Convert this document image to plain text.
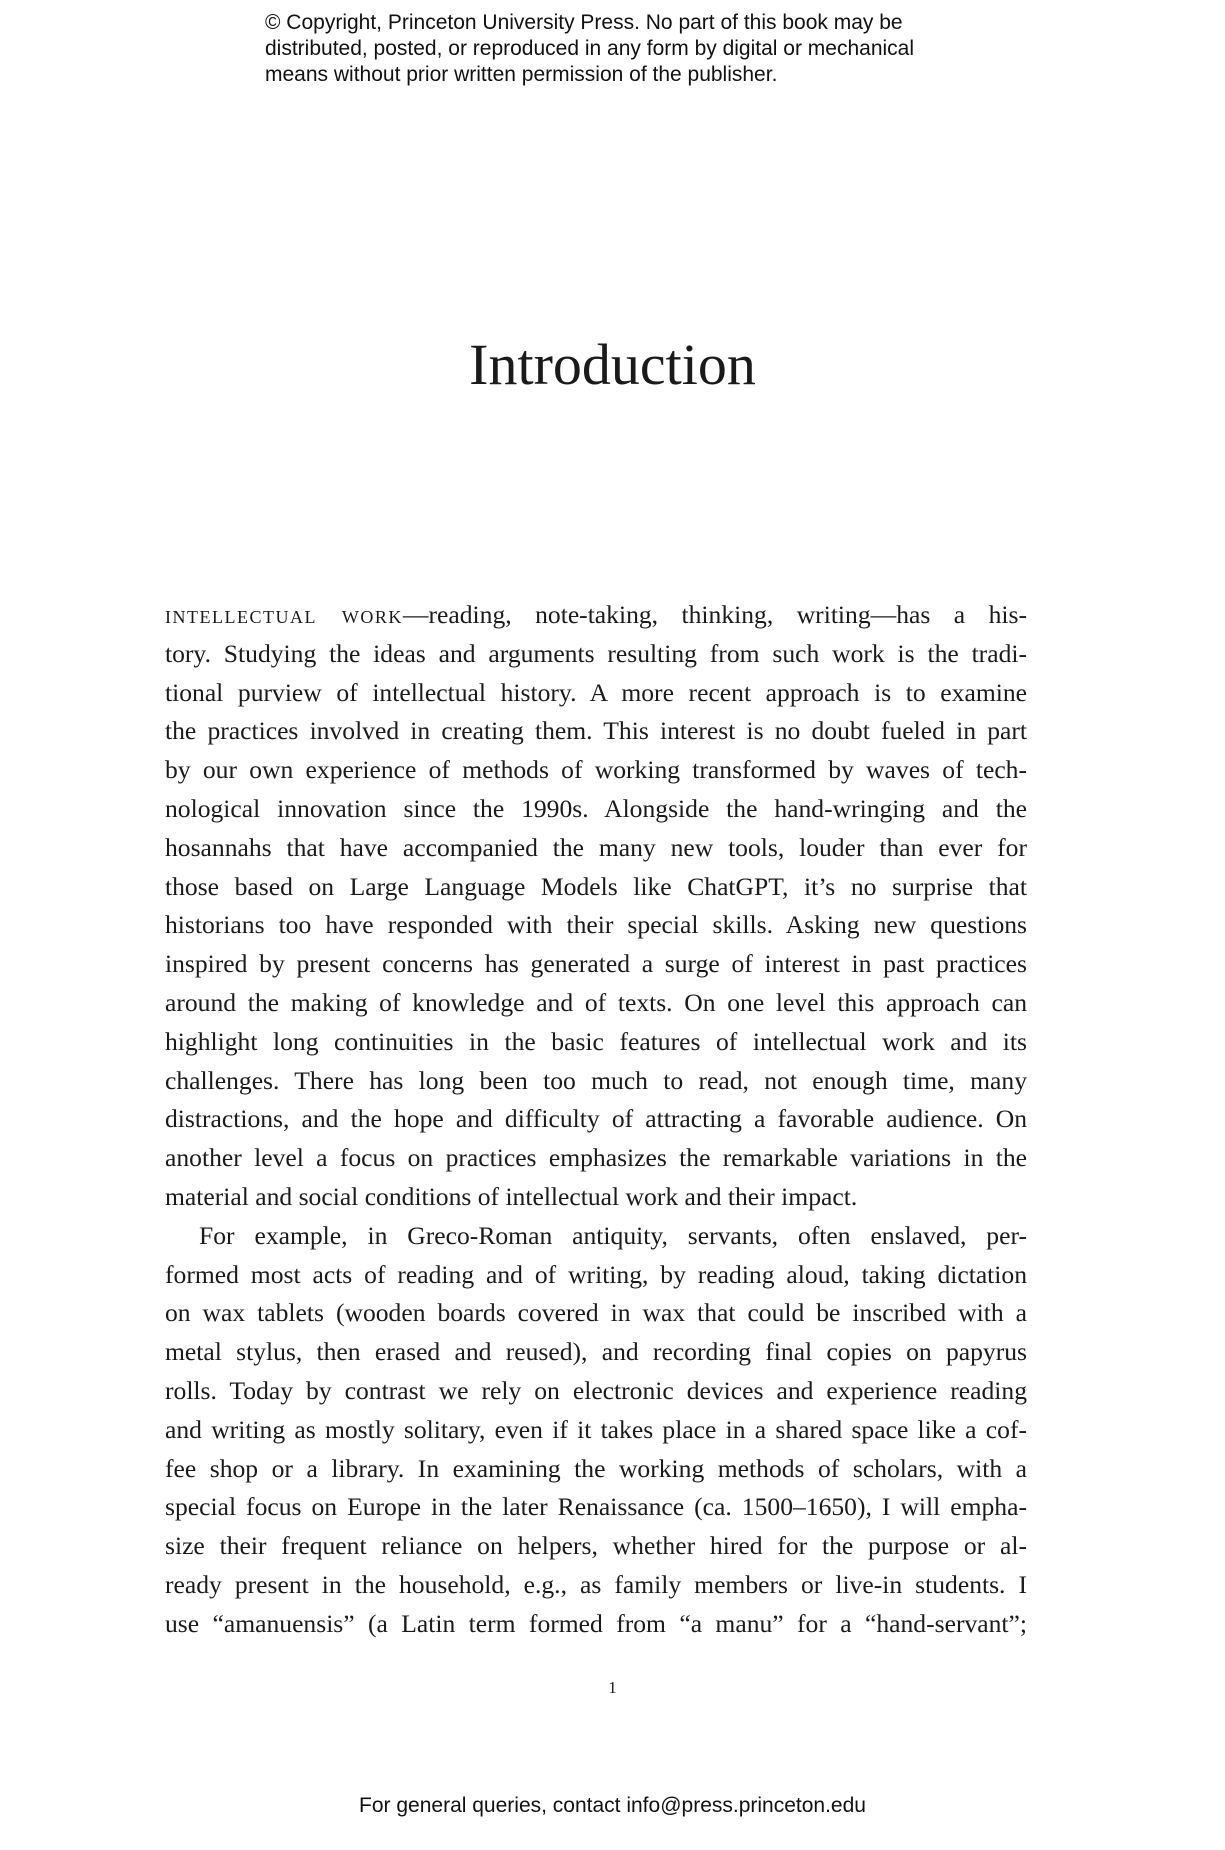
© Copyright, Princeton University Press. No part of this book may be
distributed, posted, or reproduced in any form by digital or mechanical
means without prior written permission of the publisher.
Introduction
intellectual work—reading, note-taking, thinking, writing—has a his-
tory. Studying the ideas and arguments resulting from such work is the tradi-
tional purview of intellectual history. A more recent approach is to examine
the practices involved in creating them. This interest is no doubt fueled in part
by our own experience of methods of working transformed by waves of tech-
nological innovation since the 1990s. Alongside the hand-wringing and the
hosannahs that have accompanied the many new tools, louder than ever for
those based on Large Language Models like ChatGPT, it’s no surprise that
historians too have responded with their special skills. Asking new questions
inspired by present concerns has generated a surge of interest in past practices
around the making of knowledge and of texts. On one level this approach can
highlight long continuities in the basic features of intellectual work and its
challenges. There has long been too much to read, not enough time, many
distractions, and the hope and difficulty of attracting a favorable audience. On
another level a focus on practices emphasizes the remarkable variations in the
material and social conditions of intellectual work and their impact.
For example, in Greco-Roman antiquity, servants, often enslaved, per-
formed most acts of reading and of writing, by reading aloud, taking dictation
on wax tablets (wooden boards covered in wax that could be inscribed with a
metal stylus, then erased and reused), and recording final copies on papyrus
rolls. Today by contrast we rely on electronic devices and experience reading
and writing as mostly solitary, even if it takes place in a shared space like a cof-
fee shop or a library. In examining the working methods of scholars, with a
special focus on Europe in the later Renaissance (ca. 1500–1650), I will empha-
size their frequent reliance on helpers, whether hired for the purpose or al-
ready present in the household, e.g., as family members or live-in students. I
use “amanuensis” (a Latin term formed from “a manu” for a “hand-servant”;
1
For general queries, contact info@press.princeton.edu
